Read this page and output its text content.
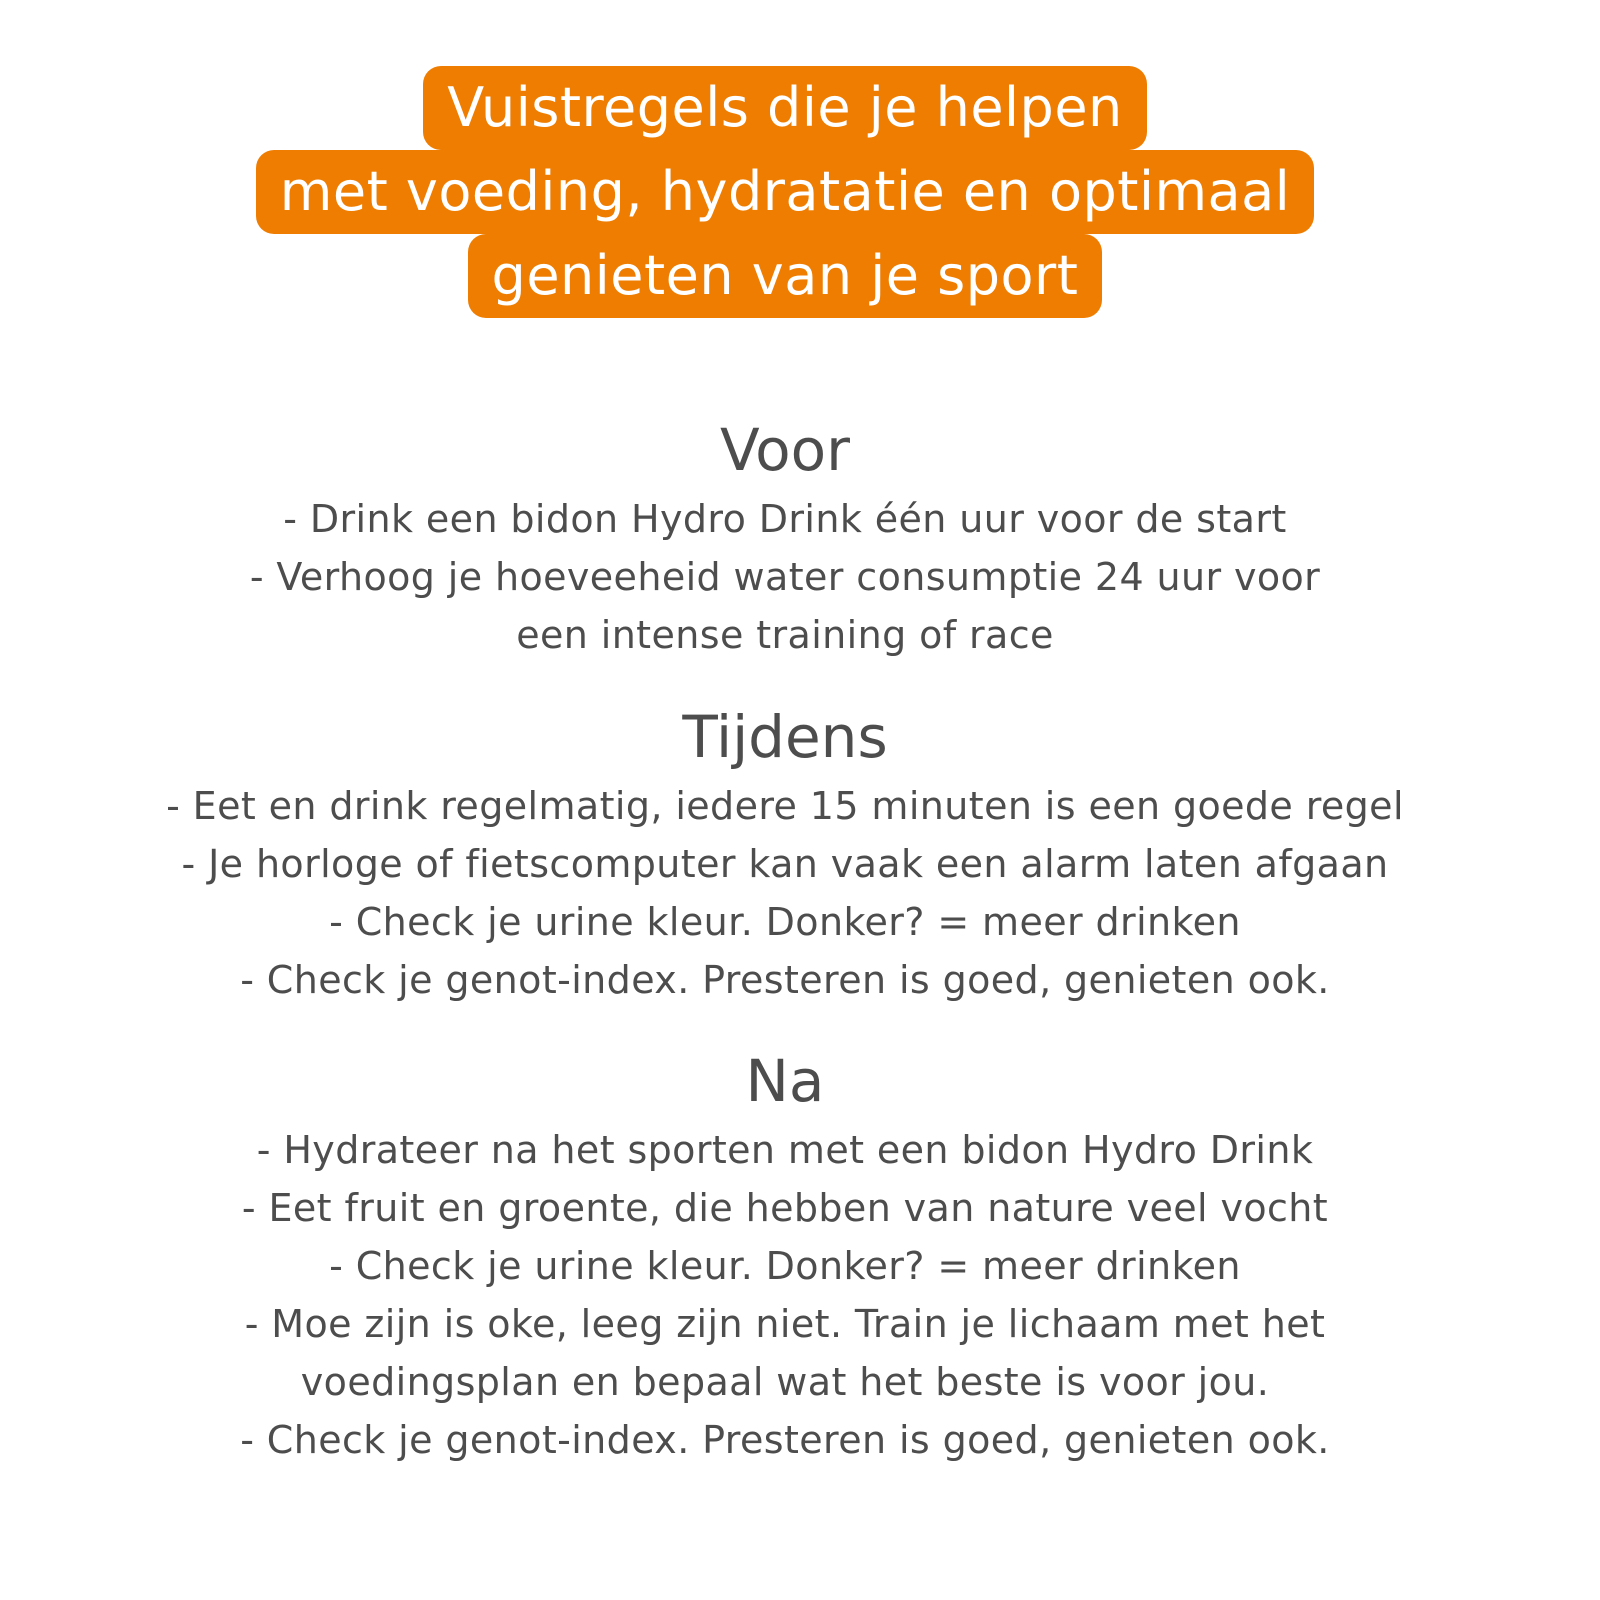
Vuistregels die je helpen
met voeding, hydratatie en optimaal
genieten van je sport
Voor
- Drink een bidon Hydro Drink één uur voor de start
- Verhoog je hoeveeheid water consumptie 24 uur voor
een intense training of race
Tijdens
- Eet en drink regelmatig, iedere 15 minuten is een goede regel
- Je horloge of fietscomputer kan vaak een alarm laten afgaan
- Check je urine kleur. Donker? = meer drinken
- Check je genot-index. Presteren is goed, genieten ook.
Na
- Hydrateer na het sporten met een bidon Hydro Drink
- Eet fruit en groente, die hebben van nature veel vocht
- Check je urine kleur. Donker? = meer drinken
- Moe zijn is oke, leeg zijn niet. Train je lichaam met het
voedingsplan en bepaal wat het beste is voor jou.
- Check je genot-index. Presteren is goed, genieten ook.
